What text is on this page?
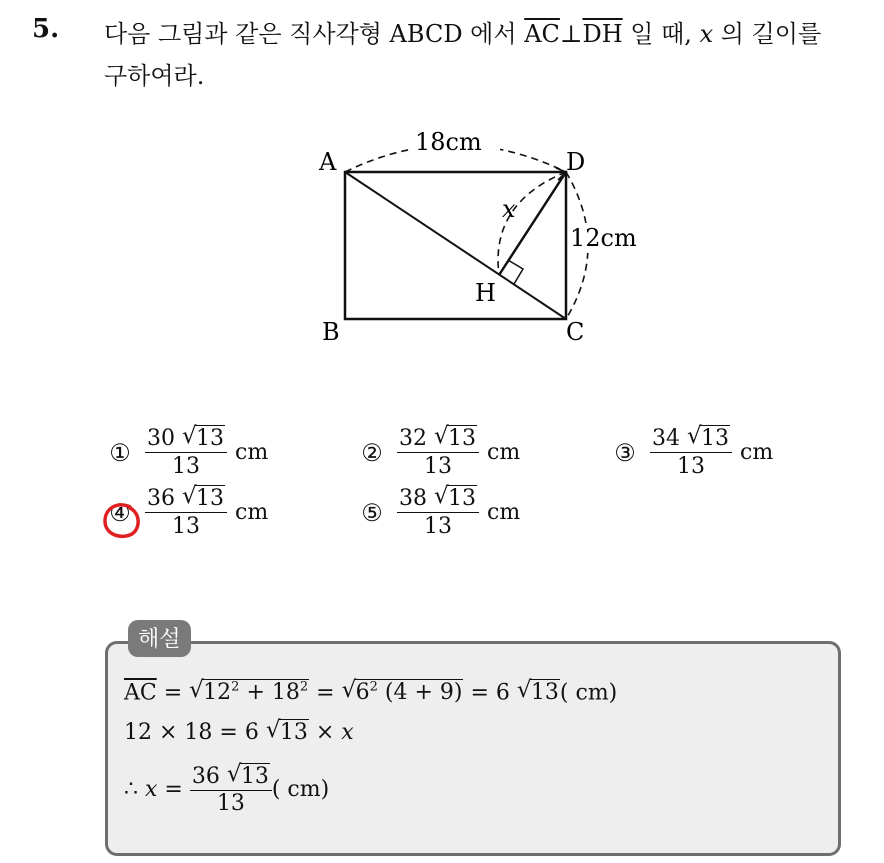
5. 다음 그림과 같은 직사각형 ABCD 에서 $\overline{AC}\perp\overline{DH}$ 일 때, x 의 길이를
구하여라.
18cm
12cm
A	D
B	C
H
x
① 30 √ 13
13
cm	② 32 √ 13
13
cm	③ 34 √ 13
13
cm
④ 36 √ 13
13
cm	⑤ 38 √ 13
13
cm
해설
$\overline{AC}$ = √ $12^2 + 18^2$ = √ $6^2$ (4 + 9) = 6 √ 13( cm)
12 × 18 = 6 √ 13 × x
∴ $x = \frac{36 √ 13}{13}$ ( cm)
